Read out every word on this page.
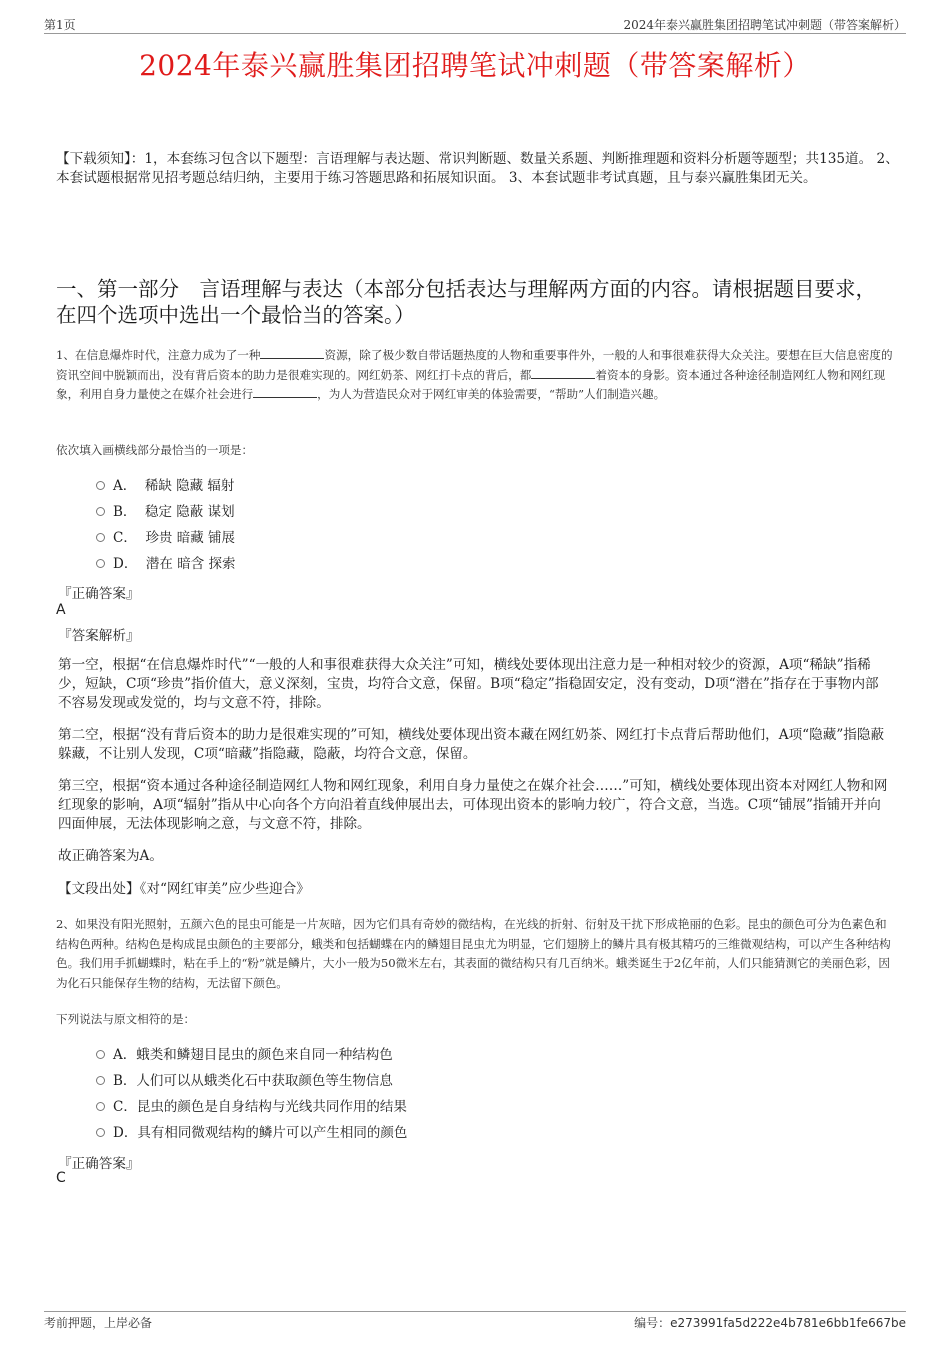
第1页	2024年泰兴赢胜集团招聘笔试冲刺题（带答案解析）
2024年泰兴赢胜集团招聘笔试冲刺题（带答案解析）
【下载须知】：1，本套练习包含以下题型：言语理解与表达题、常识判断题、数量关系题、判断推理题和资料分析题等题型；共135道。 2、本套试题根据常见招考题总结归纳，主要用于练习答题思路和拓展知识面。 3、本套试题非考试真题，且与泰兴赢胜集团无关。
一、第一部分　言语理解与表达（本部分包括表达与理解两方面的内容。请根据题目要求，在四个选项中选出一个最恰当的答案。）
1、在信息爆炸时代，注意力成为了一种	资源，除了极少数自带话题热度的人物和重要事件外，一般的人和事很难获得大众关注。要想在巨大信息密度的资讯空间中脱颖而出，没有背后资本的助力是很难实现的。网红奶茶、网红打卡点的背后，都	着资本的身影。资本通过各种途径制造网红人物和网红现象，利用自身力量使之在媒介社会进行	，为人为营造民众对于网红审美的体验需要，“帮助”人们制造兴趣。
依次填入画横线部分最恰当的一项是：
A． 稀缺 隐藏 辐射
B． 稳定 隐蔽 谋划
C． 珍贵 暗藏 铺展
D． 潜在 暗含 探索
『正确答案』
A
『答案解析』
第一空，根据“在信息爆炸时代”“一般的人和事很难获得大众关注”可知，横线处要体现出注意力是一种相对较少的资源，A项“稀缺”指稀少，短缺，C项“珍贵”指价值大，意义深刻，宝贵，均符合文意，保留。B项“稳定”指稳固安定，没有变动，D项“潜在”指存在于事物内部不容易发现或发觉的，均与文意不符，排除。
第二空，根据“没有背后资本的助力是很难实现的”可知，横线处要体现出资本藏在网红奶茶、网红打卡点背后帮助他们，A项“隐藏”指隐蔽躲藏，不让别人发现，C项“暗藏”指隐藏，隐蔽，均符合文意，保留。
第三空，根据“资本通过各种途径制造网红人物和网红现象，利用自身力量使之在媒介社会……”可知，横线处要体现出资本对网红人物和网红现象的影响，A项“辐射”指从中心向各个方向沿着直线伸展出去，可体现出资本的影响力较广，符合文意，当选。C项“铺展”指铺开并向四面伸展，无法体现影响之意，与文意不符，排除。
故正确答案为A。
【文段出处】《对“网红审美”应少些迎合》
2、如果没有阳光照射，五颜六色的昆虫可能是一片灰暗，因为它们具有奇妙的微结构，在光线的折射、衍射及干扰下形成艳丽的色彩。昆虫的颜色可分为色素色和结构色两种。结构色是构成昆虫颜色的主要部分，蛾类和包括蝴蝶在内的鳞翅目昆虫尤为明显，它们翅膀上的鳞片具有极其精巧的三维微观结构，可以产生各种结构色。我们用手抓蝴蝶时，粘在手上的“粉”就是鳞片，大小一般为50微米左右，其表面的微结构只有几百纳米。蛾类诞生于2亿年前，人们只能猜测它的美丽色彩，因为化石只能保存生物的结构，无法留下颜色。
下列说法与原文相符的是：
A．蛾类和鳞翅目昆虫的颜色来自同一种结构色
B．人们可以从蛾类化石中获取颜色等生物信息
C．昆虫的颜色是自身结构与光线共同作用的结果
D．具有相同微观结构的鳞片可以产生相同的颜色
『正确答案』
C
考前押题，上岸必备	编号：e273991fa5d222e4b781e6bb1fe667be
